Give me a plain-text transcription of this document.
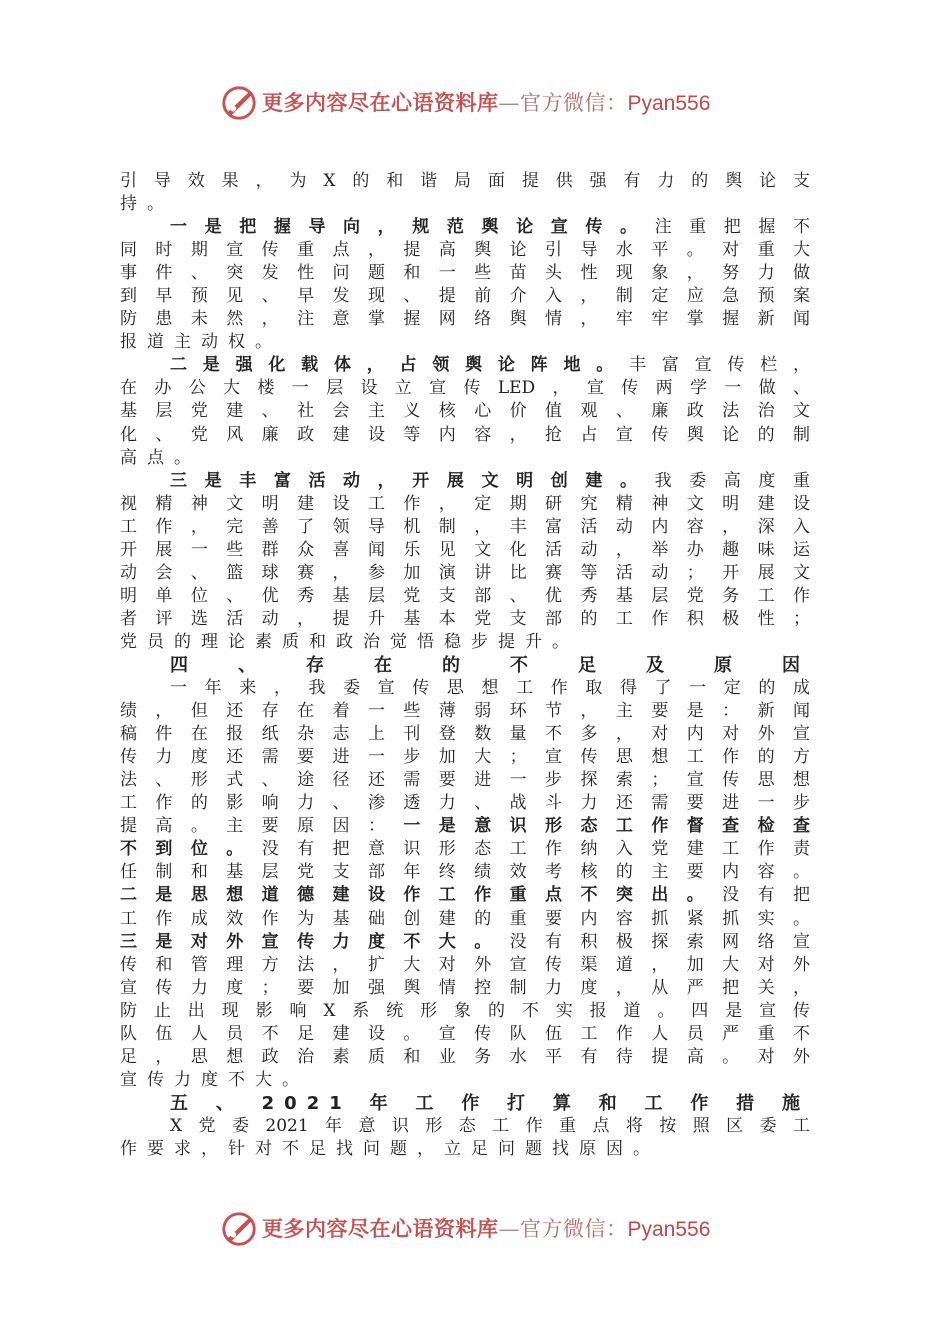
更多内容尽在心语资料库—官方微信：Pyan556
引导效果，为X的和谐局面提供强有力的舆论支
持。
一是把握导向，规范舆论宣传。注重把握不
同时期宣传重点，提高舆论引导水平。对重大
事件、突发性问题和一些苗头性现象，努力做
到早预见、早发现、提前介入，制定应急预案
防患未然，注意掌握网络舆情，牢牢掌握新闻
报道主动权。
二是强化载体，占领舆论阵地。丰富宣传栏，
在办公大楼一层设立宣传LED，宣传两学一做、
基层党建、社会主义核心价值观、廉政法治文
化、党风廉政建设等内容，抢占宣传舆论的制
高点。
三是丰富活动，开展文明创建。我委高度重
视精神文明建设工作，定期研究精神文明建设
工作，完善了领导机制，丰富活动内容，深入
开展一些群众喜闻乐见文化活动，举办趣味运
动会、篮球赛，参加演讲比赛等活动；开展文
明单位、优秀基层党支部、优秀基层党务工作
者评选活动，提升基本党支部的工作积极性；
党员的理论素质和政治觉悟稳步提升。
四、存在的不足及原因
一年来，我委宣传思想工作取得了一定的成
绩，但还存在着一些薄弱环节，主要是：新闻
稿件在报纸杂志上刊登数量不多，对内对外宣
传力度还需要进一步加大；宣传思想工作的方
法、形式、途径还需要进一步探索；宣传思想
工作的影响力、渗透力、战斗力还需要进一步
提高。主要原因：一是意识形态工作督查检查
不到位。没有把意识形态工作纳入党建工作责
任制和基层党支部年终绩效考核的主要内容。
二是思想道德建设作工作重点不突出。没有把
工作成效作为基础创建的重要内容抓紧抓实。
三是对外宣传力度不大。没有积极探索网络宣
传和管理方法，扩大对外宣传渠道，加大对外
宣传力度；要加强舆情控制力度，从严把关，
防止出现影响X系统形象的不实报道。四是宣传
队伍人员不足建设。宣传队伍工作人员严重不
足，思想政治素质和业务水平有待提高。对外
宣传力度不大。
五、2021年工作打算和工作措施
X党委2021年意识形态工作重点将按照区委工
作要求，针对不足找问题，立足问题找原因。
更多内容尽在心语资料库—官方微信：Pyan556
